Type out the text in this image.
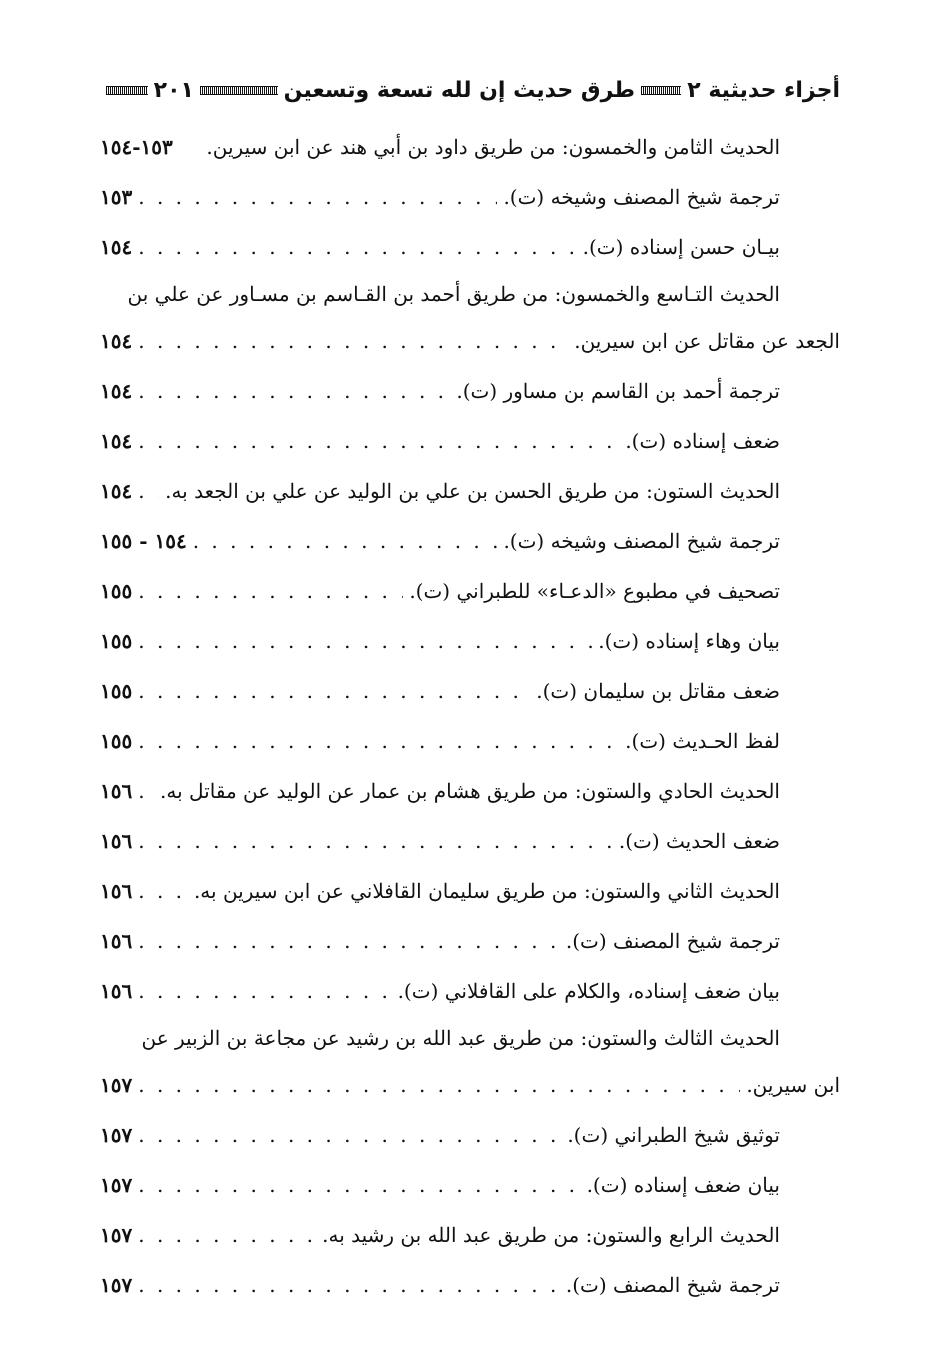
أجزاء حديثية ٢
طرق حديث إن لله تسعة وتسعين
٢٠١
الحديث الثامن والخمسون: من طريق داود بن أبي هند عن ابن سيرين.
١٥٣-١٥٤
ترجمة شيخ المصنف وشيخه (ت).
. . .
١٥٣
بيـان حسن إسناده (ت).
. . .
١٥٤
الحديث التـاسع والخمسون: من طريق أحمد بن القـاسم بن مسـاور عن علي بن
الجعد عن مقاتل عن ابن سيرين.
. . .
١٥٤
ترجمة أحمد بن القاسم بن مساور (ت).
. . .
١٥٤
ضعف إسناده (ت).
. . .
١٥٤
الحديث الستون: من طريق الحسن بن علي بن الوليد عن علي بن الجعد به.
. . .
١٥٤
ترجمة شيخ المصنف وشيخه (ت).
. . .
١٥٤ - ١٥٥
تصحيف في مطبوع «الدعـاء» للطبراني (ت).
. . .
١٥٥
بيان وهاء إسناده (ت).
. . .
١٥٥
ضعف مقاتل بن سليمان (ت).
. . .
١٥٥
لفظ الحـديث (ت).
. . .
١٥٥
الحديث الحادي والستون: من طريق هشام بن عمار عن الوليد عن مقاتل به.
. . .
١٥٦
ضعف الحديث (ت).
. . .
١٥٦
الحديث الثاني والستون: من طريق سليمان القافلاني عن ابن سيرين به.
. . .
١٥٦
ترجمة شيخ المصنف (ت).
. . .
١٥٦
بيان ضعف إسناده، والكلام على القافلاني (ت).
. . .
١٥٦
الحديث الثالث والستون: من طريق عبد الله بن رشيد عن مجاعة بن الزبير عن
ابن سيرين.
. . .
١٥٧
توثيق شيخ الطبراني (ت).
. . .
١٥٧
بيان ضعف إسناده (ت).
. . .
١٥٧
الحديث الرابع والستون: من طريق عبد الله بن رشيد به.
. . .
١٥٧
ترجمة شيخ المصنف (ت).
. . .
١٥٧
